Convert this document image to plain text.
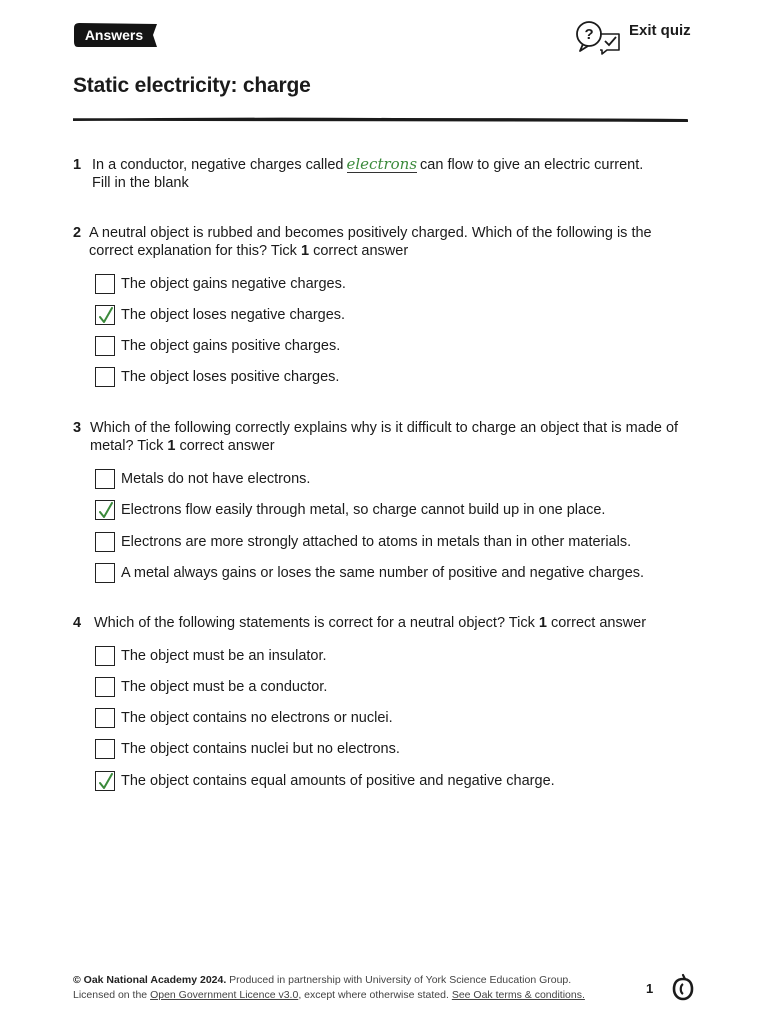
Answers	? Exit quiz
Static electricity: charge
1 In a conductor, negative charges called electrons can flow to give an electric current.
Fill in the blank
2 A neutral object is rubbed and becomes positively charged. Which of the following is the correct explanation for this? Tick 1 correct answer
The object gains negative charges.
The object loses negative charges.
The object gains positive charges.
The object loses positive charges.
3 Which of the following correctly explains why is it difficult to charge an object that is made of metal? Tick 1 correct answer
Metals do not have electrons.
Electrons flow easily through metal, so charge cannot build up in one place.
Electrons are more strongly attached to atoms in metals than in other materials.
A metal always gains or loses the same number of positive and negative charges.
4 Which of the following statements is correct for a neutral object? Tick 1 correct answer
The object must be an insulator.
The object must be a conductor.
The object contains no electrons or nuclei.
The object contains nuclei but no electrons.
The object contains equal amounts of positive and negative charge.
© Oak National Academy 2024. Produced in partnership with University of York Science Education Group.
Licensed on the Open Government Licence v3.0, except where otherwise stated. See Oak terms & conditions.	1
